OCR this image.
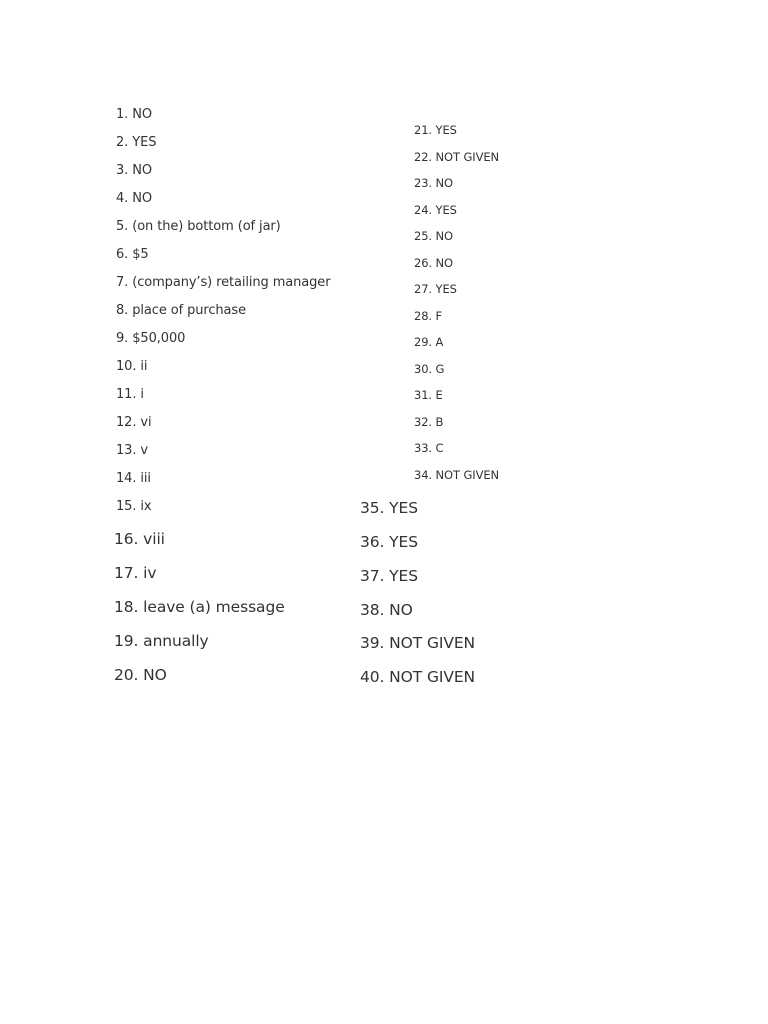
1. NO
2. YES
3. NO
4. NO
5. (on the) bottom (of jar)
6. $5
7. (company’s) retailing manager
8. place of purchase
9. $50,000
10. ii
11. i
12. vi
13. v
14. iii
15. ix
16. viii
17. iv
18. leave (a) message
19. annually
20. NO
21. YES
22. NOT GIVEN
23. NO
24. YES
25. NO
26. NO
27. YES
28. F
29. A
30. G
31. E
32. B
33. C
34. NOT GIVEN
35. YES
36. YES
37. YES
38. NO
39. NOT GIVEN
40. NOT GIVEN
